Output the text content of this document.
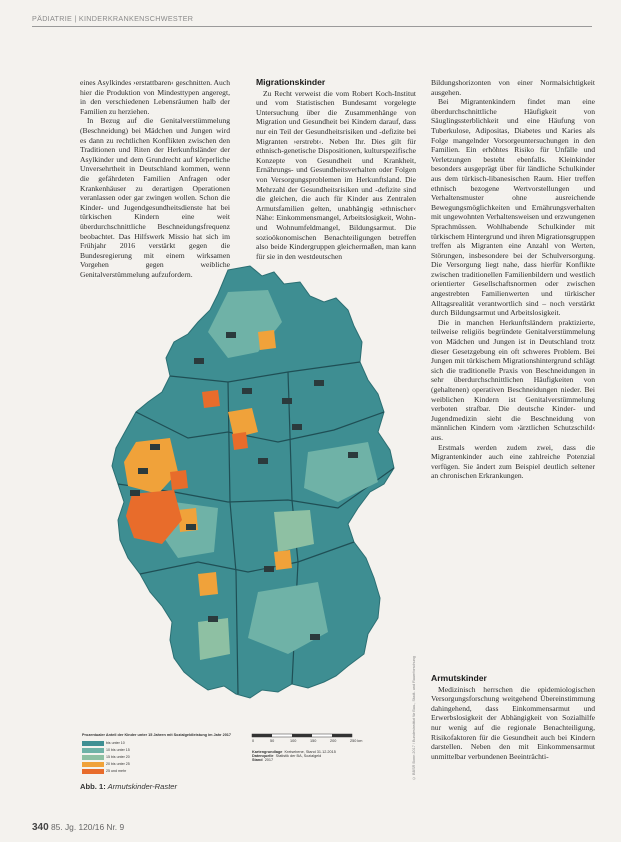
PÄDIATRIE | KINDERKRANKENSCHWESTER

eines Asylkindes ›erstattbaren‹ geschnitten. Auch hier die Produktion von Mindesttypen angeregt, in den verschiedenen Lebensräumen halb der Familien zu herziehen.

In Bezug auf die Genitalverstümmelung (Beschneidung) bei Mädchen und Jungen wird es dann zu rechtlichen Konflikten zwischen den Traditionen und Riten der Herkunftsländer der Asylkinder und dem Grundrecht auf körperliche Unversehrtheit in Deutschland kommen, wenn die gefährdeten Familien Anfragen oder Krankenhäuser zu derartigen Operationen veranlassen oder gar zwingen wollen. Schon die Kinder- und Jugendgesundheitsdienste hat bei türkischen Kindern eine weit überdurchschnittliche Beschneidungsfrequenz beobachtet. Das Hilfswerk Missio hat sich im Frühjahr 2016 verstärkt gegen die Bundesregierung mit einem wirksamen Vorgehen gegen weibliche Genitalverstümmelung aufzufordern.

Migrationskinder

Zu Recht verweist die vom Robert Koch-Institut und vom Statistischen Bundesamt vorgelegte Untersuchung über die Zusammenhänge von Migration und Gesundheit bei Kindern darauf, dass nur ein Teil der Gesundheitsrisiken und -defizite bei Migranten ›erstrebt‹. Neben Ihr. Dies gilt für ethnisch-genetische Dispositionen, kulturspezifische Konzepte von Gesundheit und Krankheit, Ernährungs- und Gesundheitsverhalten oder Folgen von Versorgungsproblemen im Herkunftsland. Die Mehrzahl der Gesundheitsrisiken und -defizite sind die gleichen, die auch für Kinder aus Zentralen Armutsfamilien gelten, unabhängig ›ethnischer‹ Nähe: Einkommensmangel, Arbeitslosigkeit, Wohn- und Wohnumfeldmangel, Bildungsarmut. Die sozioökonomischen Benachteiligungen betreffen also beide Kindergruppen gleichermaßen, man kann für sie in den westdeutschen

Bildungshorizonten von einer Normalsichtigkeit ausgehen.

Bei Migrantenkindern findet man eine überdurchschnittliche Häufigkeit von Säuglingssterblichkeit und eine Häufung von Tuberkulose, Adipositas, Diabetes und Karies als Folge mangelnder Vorsorgeuntersuchungen in den Familien. Ein erhöhtes Risiko für Unfälle und Verletzungen besteht ebenfalls. Kleinkinder besonders ausgeprägt über für ländliche Schulkinder aus dem türkisch-libanesischen Raum. Hier treffen ethnisch bezogene Wertvorstellungen und Verhaltensmuster ohne ausreichende Bewegungsmöglichkeiten und Ernährungsverhalten mit ungewohnten Verhaltensweisen und erzwungenen Sprachmüssen. Wohlhabende Schulkinder mit türkischem Hintergrund und ihren Migrationsgruppen treffen als Migranten eine Anzahl von Werten, Störungen, insbesondere bei der Schulversorgung. Die Versorgung liegt nahe, dass hierfür Konflikte zwischen traditionellen Familienbildern und westlich orientierter Gesellschaftsnormen oder zwischen angestrebten Familienwerten und türkischer Alltagsrealität verantwortlich sind – noch verstärkt durch Bildungsarmut und Arbeitslosigkeit.

Die in manchen Herkunftsländern praktizierte, teilweise religiös begründete Genitalverstümmelung von Mädchen und Jungen ist in Deutschland trotz dieser Gesetzgebung ein oft schweres Problem. Bei Jungen mit türkischem Migrationshintergrund schlägt sich die traditionelle Praxis von Beschneidungen in sehr überdurchschnittlichen Häufigkeiten von (gehaltenen) operativen Beschneidungen nieder. Bei weiblichen Kindern ist Genitalverstümmelung verboten strafbar. Die deutsche Kinder- und Jugendmedizin sieht die Beschneidung von männlichen Kindern vom ›ärztlichen Schutzschild‹ aus.

Erstmals werden zudem zwei, dass die Migrantenkinder auch eine zahlreiche Potenzial verfügen. Sie ändert zum Beispiel deutlich seltener an chronischen Erkrankungen.

Armutskinder

Medizinisch herrschen die epidemiologischen Versorgungsforschung weitgehend Übereinstimmung dahingehend, dass Einkommensarmut und Erwerbslosigkeit der Abhängigkeit von Sozialhilfe nur wenig auf die regionale Benachteiligung, Risikofaktoren für die Gesundheit auch bei Kindern darstellen. Neben den mit Einkommensarmut unmittelbar verbundenen Beeinträchti-

Prozentualer Anteil der Kinder unter 15 Jahren mit Sozialgeldleistung im Jahr 2017
bis unter 10
10 bis unter 15
15 bis unter 20
20 bis unter 25
25 und mehr
0	50	100	150	200	250 km
Kartengrundlage Kreisebene, Stand 31.12.2015
Datenquelle Statistik der BA, Sozialgeld
Stand 2017	© BBSR Bonn 2017 / Bundesinstitut für Bau-, Stadt- und Raumforschung
Abb. 1: Armutskinder-Raster
340 85. Jg. 120/16 Nr. 9
